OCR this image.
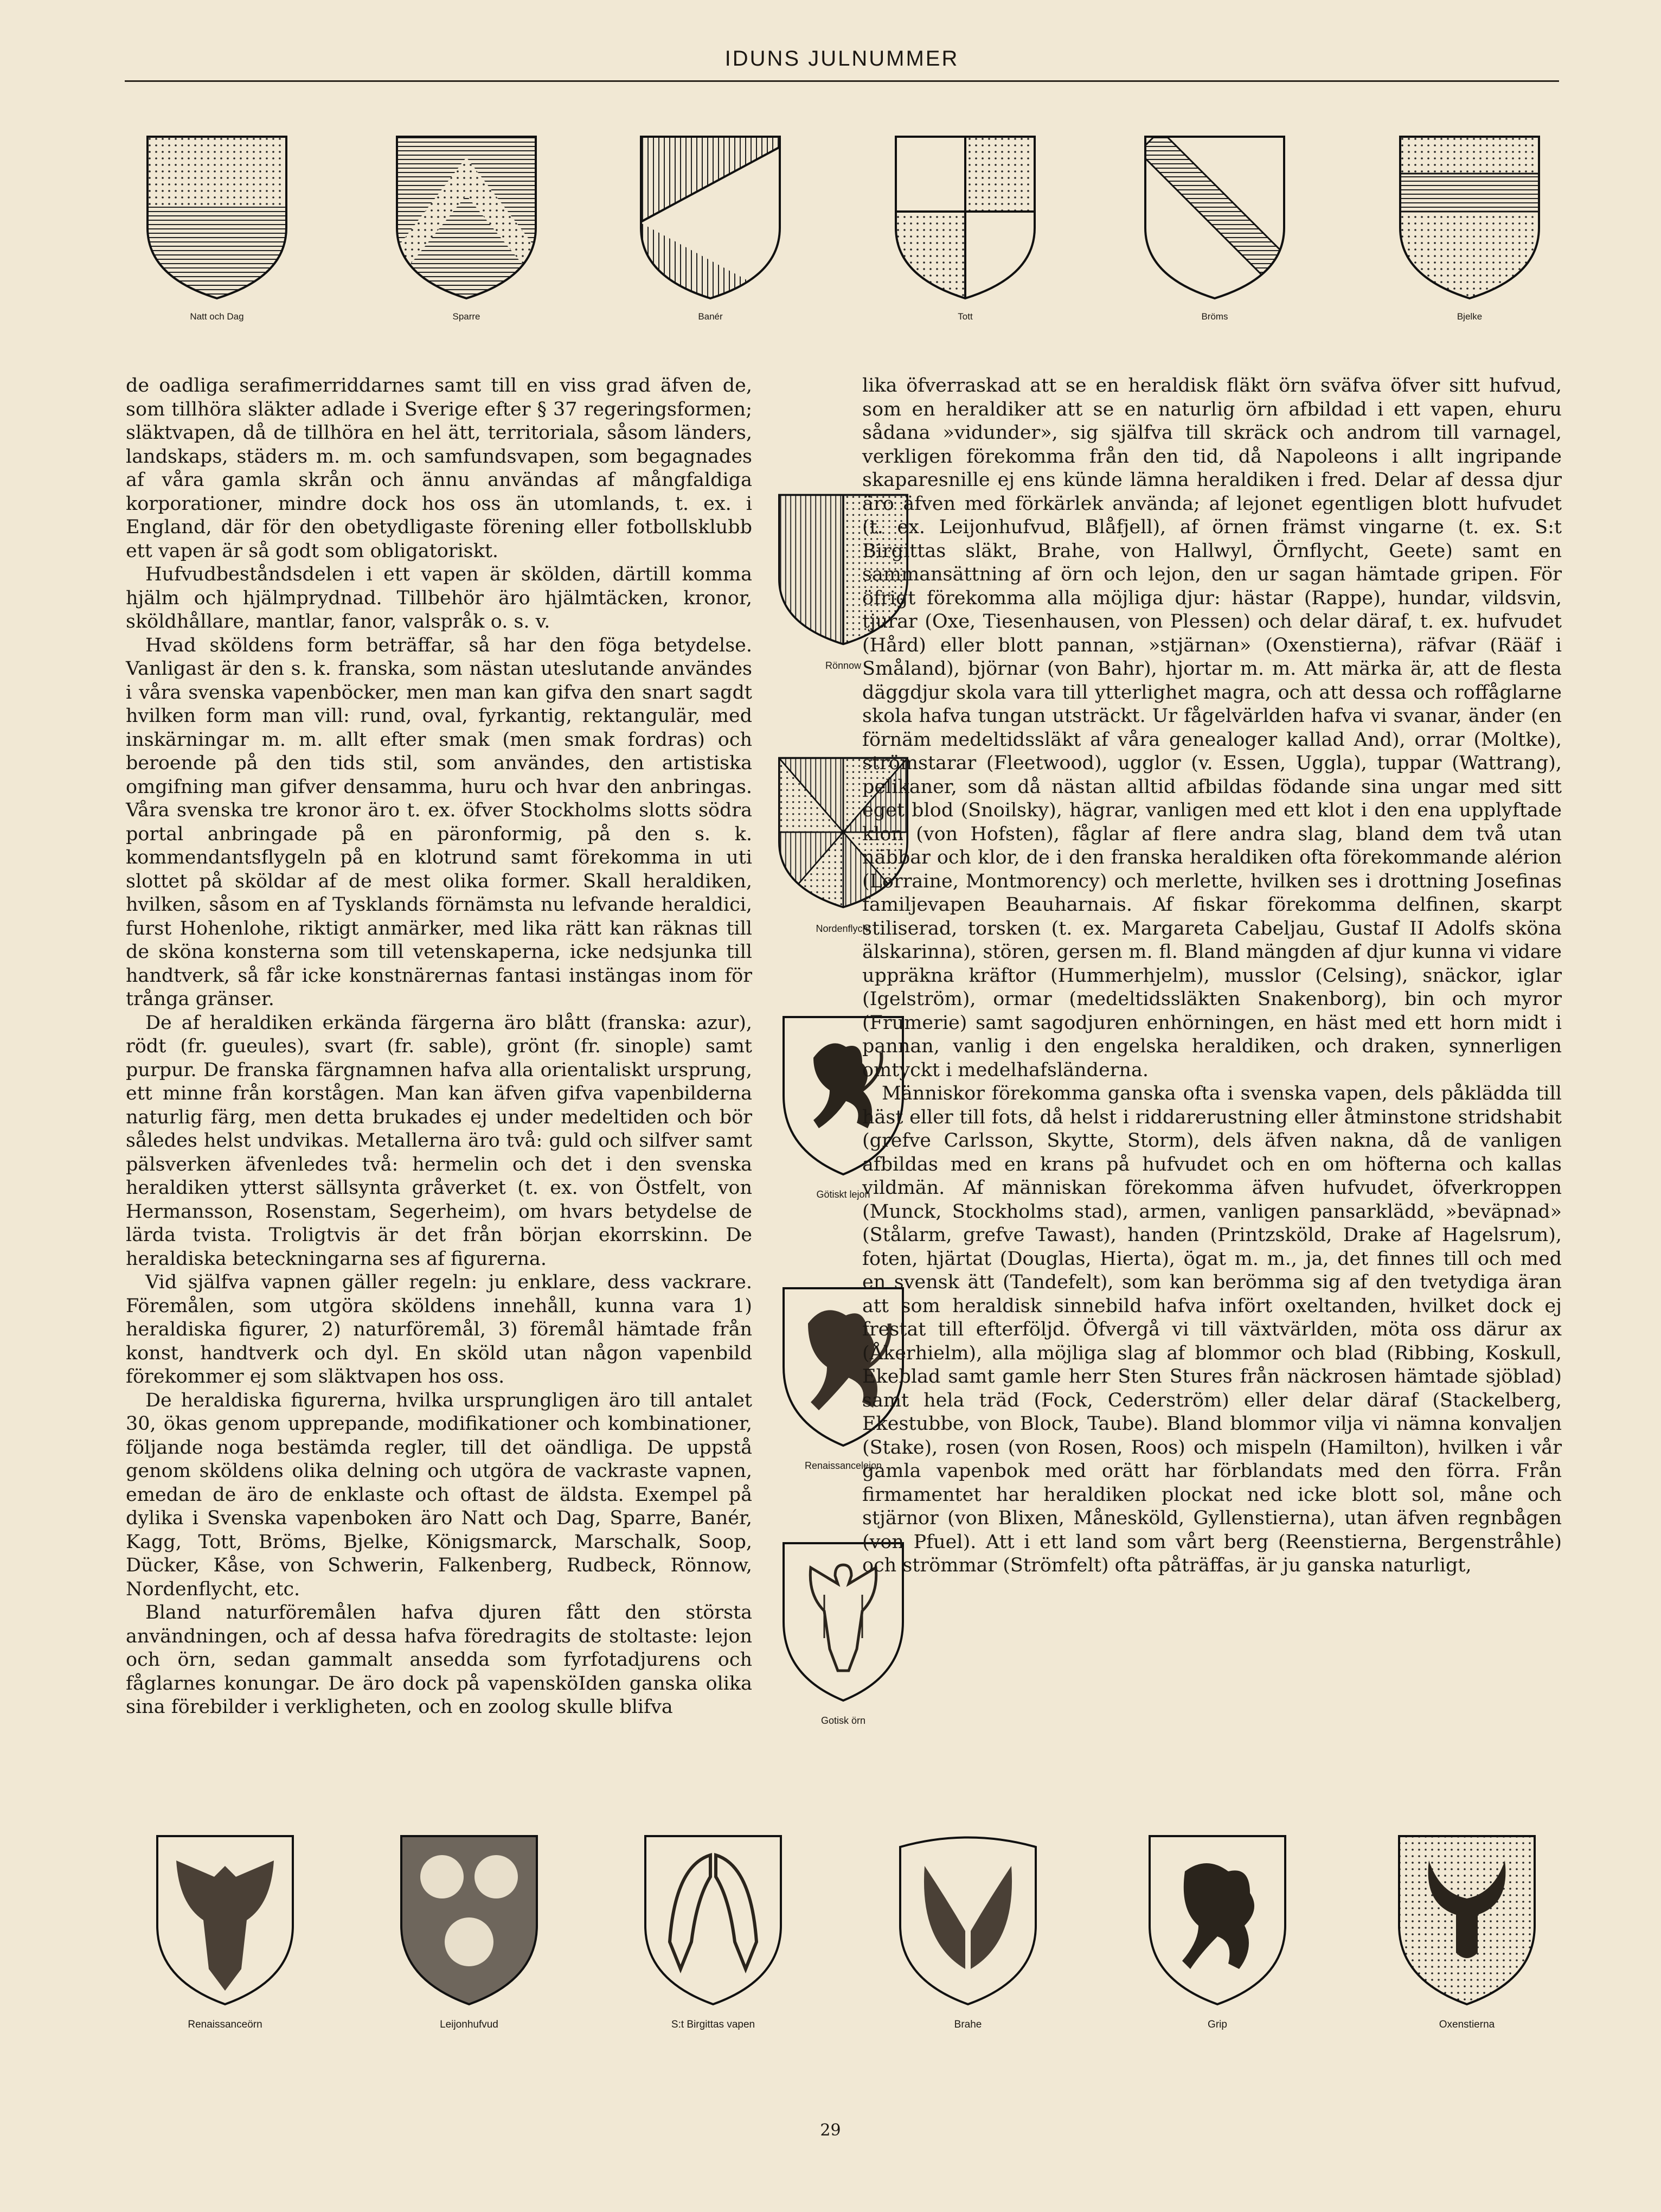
IDUNS JULNUMMER
Natt och Dag	Sparre	Banér	Tott	Bröms	Bjelke

de oadliga serafimerriddarnes samt till en viss grad äfven de, som tillhöra släkter adlade i Sverige efter § 37 regeringsformen; släktvapen, då de tillhöra en hel ätt, territoriala, såsom länders, landskaps, städers m. m. och samfundsvapen, som begagnades af våra gamla skrån och ännu användas af mångfaldiga korporationer, mindre dock hos oss än utomlands, t. ex. i England, där för den obetydligaste förening eller fotbollsklubb ett vapen är så godt som obligatoriskt.

Hufvudbeståndsdelen i ett vapen är skölden, därtill komma hjälm och hjälmprydnad. Tillbehör äro hjälmtäcken, kronor, sköldhållare, mantlar, fanor, valspråk o. s. v.

Hvad sköldens form beträffar, så har den föga betydelse. Vanligast är den s. k. franska, som nästan uteslutande användes i våra svenska vapenböcker, men man kan gifva den snart sagdt hvilken form man vill: rund, oval, fyrkantig, rektangulär, med inskärningar m. m. allt efter smak (men smak fordras) och beroende på den tids stil, som användes, den artistiska omgifning man gifver densamma, huru och hvar den anbringas. Våra svenska tre kronor äro t. ex. öfver Stockholms slotts södra portal anbringade på en päronformig, på den s. k. kommendantsflygeln på en klotrund samt förekomma in uti slottet på sköldar af de mest olika former. Skall heraldiken, hvilken, såsom en af Tysklands förnämsta nu lefvande heraldici, furst Hohenlohe, riktigt anmärker, med lika rätt kan räknas till de sköna konsterna som till vetenskaperna, icke nedsjunka till handtverk, så får icke konstnärernas fantasi instängas inom för trånga gränser.

De af heraldiken erkända färgerna äro blått (franska: azur), rödt (fr. gueules), svart (fr. sable), grönt (fr. sinople) samt purpur. De franska färgnamnen hafva alla orientaliskt ursprung, ett minne från korstågen. Man kan äfven gifva vapenbilderna naturlig färg, men detta brukades ej under medeltiden och bör således helst undvikas. Metallerna äro två: guld och silfver samt pälsverken äfvenledes två: hermelin och det i den svenska heraldiken ytterst sällsynta gråverket (t. ex. von Östfelt, von Hermansson, Rosenstam, Segerheim), om hvars betydelse de lärda tvista. Troligtvis är det från början ekorrskinn. De heraldiska beteckningarna ses af figurerna.

Vid själfva vapnen gäller regeln: ju enklare, dess vackrare. Föremålen, som utgöra sköldens innehåll, kunna vara 1) heraldiska figurer, 2) naturföremål, 3) föremål hämtade från konst, handtverk och dyl. En sköld utan någon vapenbild förekommer ej som släktvapen hos oss.

De heraldiska figurerna, hvilka ursprungligen äro till antalet 30, ökas genom upprepande, modifikationer och kombinationer, följande noga bestämda regler, till det oändliga. De uppstå genom sköldens olika delning och utgöra de vackraste vapnen, emedan de äro de enklaste och oftast de äldsta. Exempel på dylika i Svenska vapenboken äro Natt och Dag, Sparre, Banér, Kagg, Tott, Bröms, Bjelke, Königsmarck, Marschalk, Soop, Dücker, Kåse, von Schwerin, Falkenberg, Rudbeck, Rönnow, Nordenflycht, etc.

Bland naturföremålen hafva djuren fått den största användningen, och af dessa hafva föredragits de stoltaste: lejon och örn, sedan gammalt ansedda som fyrfotadjurens och fåglarnes konungar. De äro dock på vapensköIden ganska olika sina förebilder i verkligheten, och en zoolog skulle blifva

Rönnow
Nordenflycht
Götiskt lejon
Renaissancelejon
Gotisk örn

lika öfverraskad att se en heraldisk fläkt örn sväfva öfver sitt hufvud, som en heraldiker att se en naturlig örn afbildad i ett vapen, ehuru sådana »vidunder», sig själfva till skräck och androm till varnagel, verkligen förekomma från den tid, då Napoleons i allt ingripande skaparesnille ej ens künde lämna heraldiken i fred. Delar af dessa djur äro äfven med förkärlek använda; af lejonet egentligen blott hufvudet (t. ex. Leijonhufvud, Blåfjell), af örnen främst vingarne (t. ex. S:t Birgittas släkt, Brahe, von Hallwyl, Örnflycht, Geete) samt en sammansättning af örn och lejon, den ur sagan hämtade gripen. För öfrigt förekomma alla möjliga djur: hästar (Rappe), hundar, vildsvin, tjurar (Oxe, Tiesenhausen, von Plessen) och delar däraf, t. ex. hufvudet (Hård) eller blott pannan, »stjärnan» (Oxenstierna), räfvar (Rääf i Småland), björnar (von Bahr), hjortar m. m. Att märka är, att de flesta däggdjur skola vara till ytterlighet magra, och att dessa och roffåglarne skola hafva tungan utsträckt. Ur fågelvärlden hafva vi svanar, änder (en förnäm medeltidssläkt af våra genealoger kallad And), orrar (Moltke), strömstarar (Fleetwood), ugglor (v. Essen, Uggla), tuppar (Wattrang), pelikaner, som då nästan alltid afbildas födande sina ungar med sitt eget blod (Snoilsky), hägrar, vanligen med ett klot i den ena upplyftade klon (von Hofsten), fåglar af flere andra slag, bland dem två utan näbbar och klor, de i den franska heraldiken ofta förekommande alérion (Lorraine, Montmorency) och merlette, hvilken ses i drottning Josefinas familjevapen Beauharnais. Af fiskar förekomma delfinen, skarpt stiliserad, torsken (t. ex. Margareta Cabeljau, Gustaf II Adolfs sköna älskarinna), stören, gersen m. fl. Bland mängden af djur kunna vi vidare uppräkna kräftor (Hummerhjelm), musslor (Celsing), snäckor, iglar (Igelström), ormar (medeltidssläkten Snakenborg), bin och myror (Frumerie) samt sagodjuren enhörningen, en häst med ett horn midt i pannan, vanlig i den engelska heraldiken, och draken, synnerligen omtyckt i medelhafsländerna.

Människor förekomma ganska ofta i svenska vapen, dels påklädda till häst eller till fots, då helst i riddarerustning eller åtminstone stridshabit (grefve Carlsson, Skytte, Storm), dels äfven nakna, då de vanligen afbildas med en krans på hufvudet och en om höfterna och kallas vildmän. Af människan förekomma äfven hufvudet, öfverkroppen (Munck, Stockholms stad), armen, vanligen pansarklädd, »beväpnad» (Stålarm, grefve Tawast), handen (Printzsköld, Drake af Hagelsrum), foten, hjärtat (Douglas, Hierta), ögat m. m., ja, det finnes till och med en svensk ätt (Tandefelt), som kan berömma sig af den tvetydiga äran att som heraldisk sinnebild hafva infört oxeltanden, hvilket dock ej frestat till efterföljd. Öfvergå vi till växtvärlden, möta oss därur ax (Åkerhielm), alla möjliga slag af blommor och blad (Ribbing, Koskull, Ekeblad samt gamle herr Sten Stures från näckrosen hämtade sjöblad) samt hela träd (Fock, Cederström) eller delar däraf (Stackelberg, Ekestubbe, von Block, Taube). Bland blommor vilja vi nämna konvaljen (Stake), rosen (von Rosen, Roos) och mispeln (Hamilton), hvilken i vår gamla vapenbok med orätt har förblandats med den förra. Från firmamentet har heraldiken plockat ned icke blott sol, måne och stjärnor (von Blixen, Månesköld, Gyllenstierna), utan äfven regnbågen (von Pfuel). Att i ett land som vårt berg (Reenstierna, Bergenstråhle) och strömmar (Strömfelt) ofta påträffas, är ju ganska naturligt,

Renaissanceörn	Leijonhufvud	S:t Birgittas vapen	Brahe	Grip	Oxenstierna
29
